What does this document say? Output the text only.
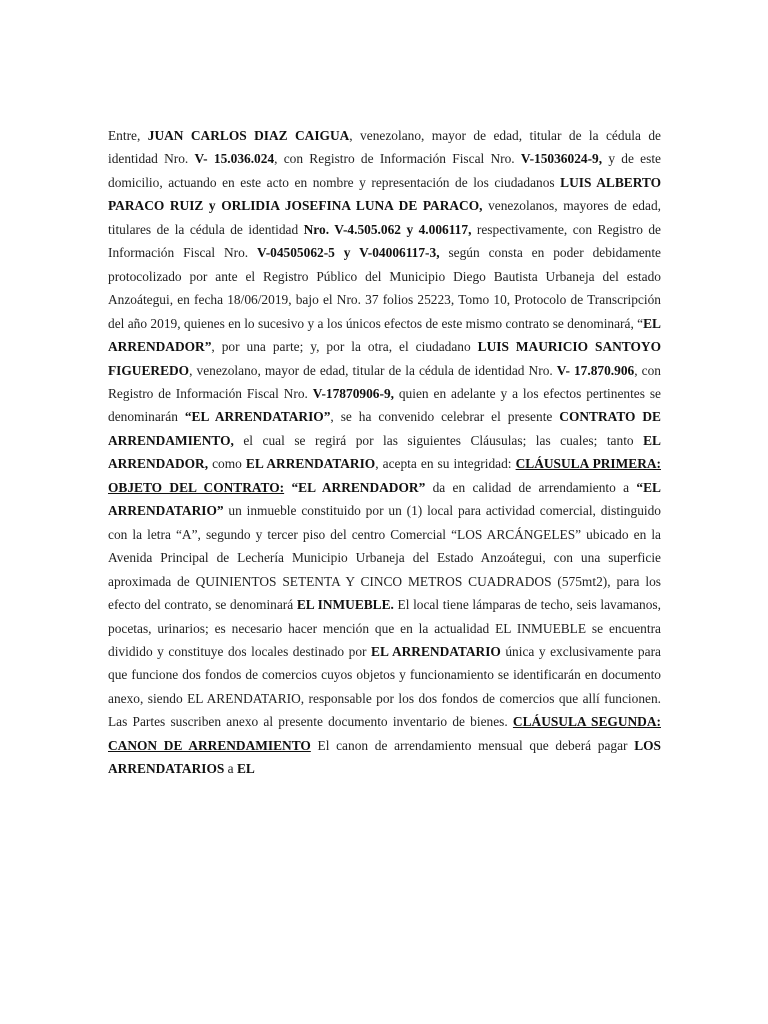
Entre, JUAN CARLOS DIAZ CAIGUA, venezolano, mayor de edad, titular de la cédula de identidad Nro. V- 15.036.024, con Registro de Información Fiscal Nro. V-15036024-9, y de este domicilio, actuando en este acto en nombre y representación de los ciudadanos LUIS ALBERTO PARACO RUIZ y ORLIDIA JOSEFINA LUNA DE PARACO, venezolanos, mayores de edad, titulares de la cédula de identidad Nro. V-4.505.062 y 4.006117, respectivamente, con Registro de Información Fiscal Nro. V-04505062-5 y V-04006117-3, según consta en poder debidamente protocolizado por ante el Registro Público del Municipio Diego Bautista Urbaneja del estado Anzoátegui, en fecha 18/06/2019, bajo el Nro. 37 folios 25223, Tomo 10, Protocolo de Transcripción del año 2019, quienes en lo sucesivo y a los únicos efectos de este mismo contrato se denominará, “EL ARRENDADOR”, por una parte; y, por la otra, el ciudadano LUIS MAURICIO SANTOYO FIGUEREDO, venezolano, mayor de edad, titular de la cédula de identidad Nro. V- 17.870.906, con Registro de Información Fiscal Nro. V-17870906-9, quien en adelante y a los efectos pertinentes se denominarán “EL ARRENDATARIO”, se ha convenido celebrar el presente CONTRATO DE ARRENDAMIENTO, el cual se regirá por las siguientes Cláusulas; las cuales; tanto EL ARRENDADOR, como EL ARRENDATARIO, acepta en su integridad: CLÁUSULA PRIMERA: OBJETO DEL CONTRATO: “EL ARRENDADOR” da en calidad de arrendamiento a “EL ARRENDATARIO” un inmueble constituido por un (1) local para actividad comercial, distinguido con la letra “A”, segundo y tercer piso del centro Comercial “LOS ARCÁNGELES” ubicado en la Avenida Principal de Lechería Municipio Urbaneja del Estado Anzoátegui, con una superficie aproximada de QUINIENTOS SETENTA Y CINCO METROS CUADRADOS (575mt2), para los efecto del contrato, se denominará EL INMUEBLE. El local tiene lámparas de techo, seis lavamanos, pocetas, urinarios; es necesario hacer mención que en la actualidad EL INMUEBLE se encuentra dividido y constituye dos locales destinado por EL ARRENDATARIO única y exclusivamente para que funcione dos fondos de comercios cuyos objetos y funcionamiento se identificarán en documento anexo, siendo EL ARENDATARIO, responsable por los dos fondos de comercios que allí funcionen. Las Partes suscriben anexo al presente documento inventario de bienes. CLÁUSULA SEGUNDA: CANON DE ARRENDAMIENTO El canon de arrendamiento mensual que deberá pagar LOS ARRENDATARIOS a EL
